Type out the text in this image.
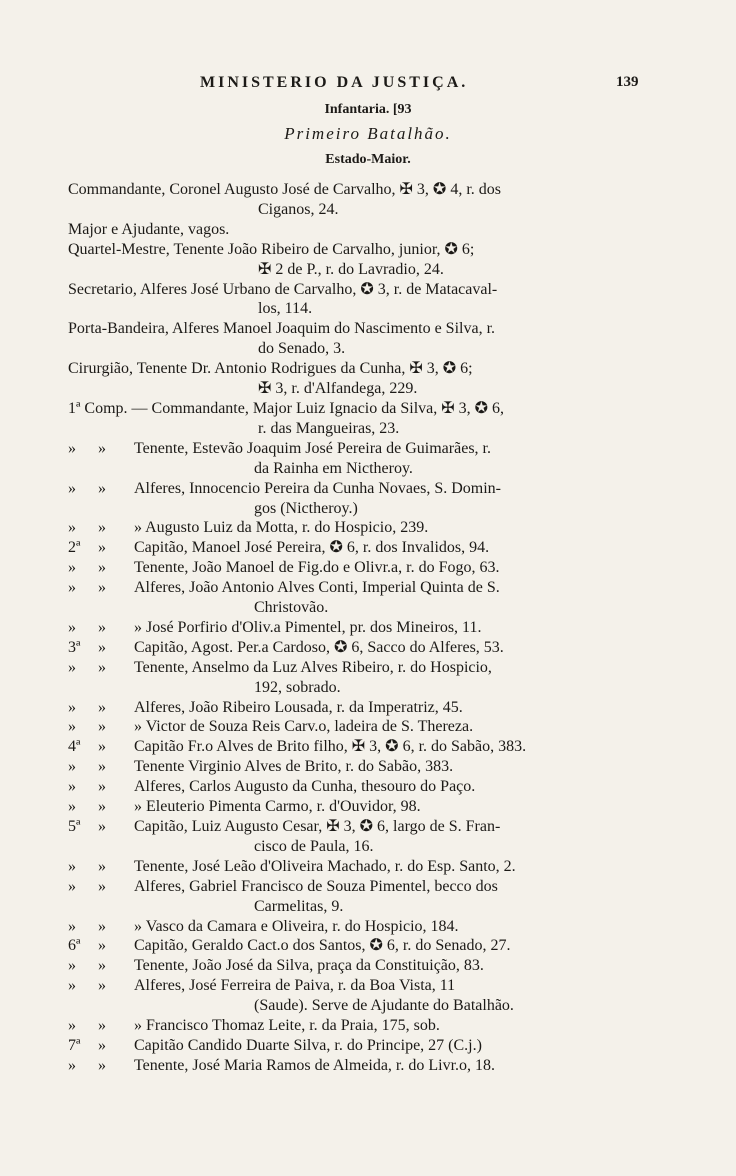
MINISTERIO DA JUSTIÇA.	139
Infantaria. [93
Primeiro Batalhão.
Estado-Maior.
Commandante, Coronel Augusto José de Carvalho, ✠ 3, ✪ 4, r. dos
Ciganos, 24.
Major e Ajudante, vagos.
Quartel-Mestre, Tenente João Ribeiro de Carvalho, junior, ✪ 6;
✠ 2 de P., r. do Lavradio, 24.
Secretario, Alferes José Urbano de Carvalho, ✪ 3, r. de Matacaval-
los, 114.
Porta-Bandeira, Alferes Manoel Joaquim do Nascimento e Silva, r.
do Senado, 3.
Cirurgião, Tenente Dr. Antonio Rodrigues da Cunha, ✠ 3, ✪ 6;
✠ 3, r. d'Alfandega, 229.
1ª Comp. — Commandante, Major Luiz Ignacio da Silva, ✠ 3, ✪ 6,
r. das Mangueiras, 23.
»	»	Tenente, Estevão Joaquim José Pereira de Guimarães, r.
da Rainha em Nictheroy.
»	»	Alferes, Innocencio Pereira da Cunha Novaes, S. Domin-
gos (Nictheroy.)
»	»	» Augusto Luiz da Motta, r. do Hospicio, 239.
2ª	»	Capitão, Manoel José Pereira, ✪ 6, r. dos Invalidos, 94.
»	»	Tenente, João Manoel de Fig.do e Olivr.a, r. do Fogo, 63.
»	»	Alferes, João Antonio Alves Conti, Imperial Quinta de S.
Christovão.
»	»	» José Porfirio d'Oliv.a Pimentel, pr. dos Mineiros, 11.
3ª	»	Capitão, Agost. Per.a Cardoso, ✪ 6, Sacco do Alferes, 53.
»	»	Tenente, Anselmo da Luz Alves Ribeiro, r. do Hospicio,
192, sobrado.
»	»	Alferes, João Ribeiro Lousada, r. da Imperatriz, 45.
»	»	» Victor de Souza Reis Carv.o, ladeira de S. Thereza.
4ª	»	Capitão Fr.o Alves de Brito filho, ✠ 3, ✪ 6, r. do Sabão, 383.
»	»	Tenente Virginio Alves de Brito, r. do Sabão, 383.
»	»	Alferes, Carlos Augusto da Cunha, thesouro do Paço.
»	»	» Eleuterio Pimenta Carmo, r. d'Ouvidor, 98.
5ª	»	Capitão, Luiz Augusto Cesar, ✠ 3, ✪ 6, largo de S. Fran-
cisco de Paula, 16.
»	»	Tenente, José Leão d'Oliveira Machado, r. do Esp. Santo, 2.
»	»	Alferes, Gabriel Francisco de Souza Pimentel, becco dos
Carmelitas, 9.
»	»	» Vasco da Camara e Oliveira, r. do Hospicio, 184.
6ª	»	Capitão, Geraldo Cact.o dos Santos, ✪ 6, r. do Senado, 27.
»	»	Tenente, João José da Silva, praça da Constituição, 83.
»	»	Alferes, José Ferreira de Paiva, r. da Boa Vista, 11
(Saude). Serve de Ajudante do Batalhão.
»	»	» Francisco Thomaz Leite, r. da Praia, 175, sob.
7ª	»	Capitão Candido Duarte Silva, r. do Principe, 27 (C.j.)
»	»	Tenente, José Maria Ramos de Almeida, r. do Livr.o, 18.
